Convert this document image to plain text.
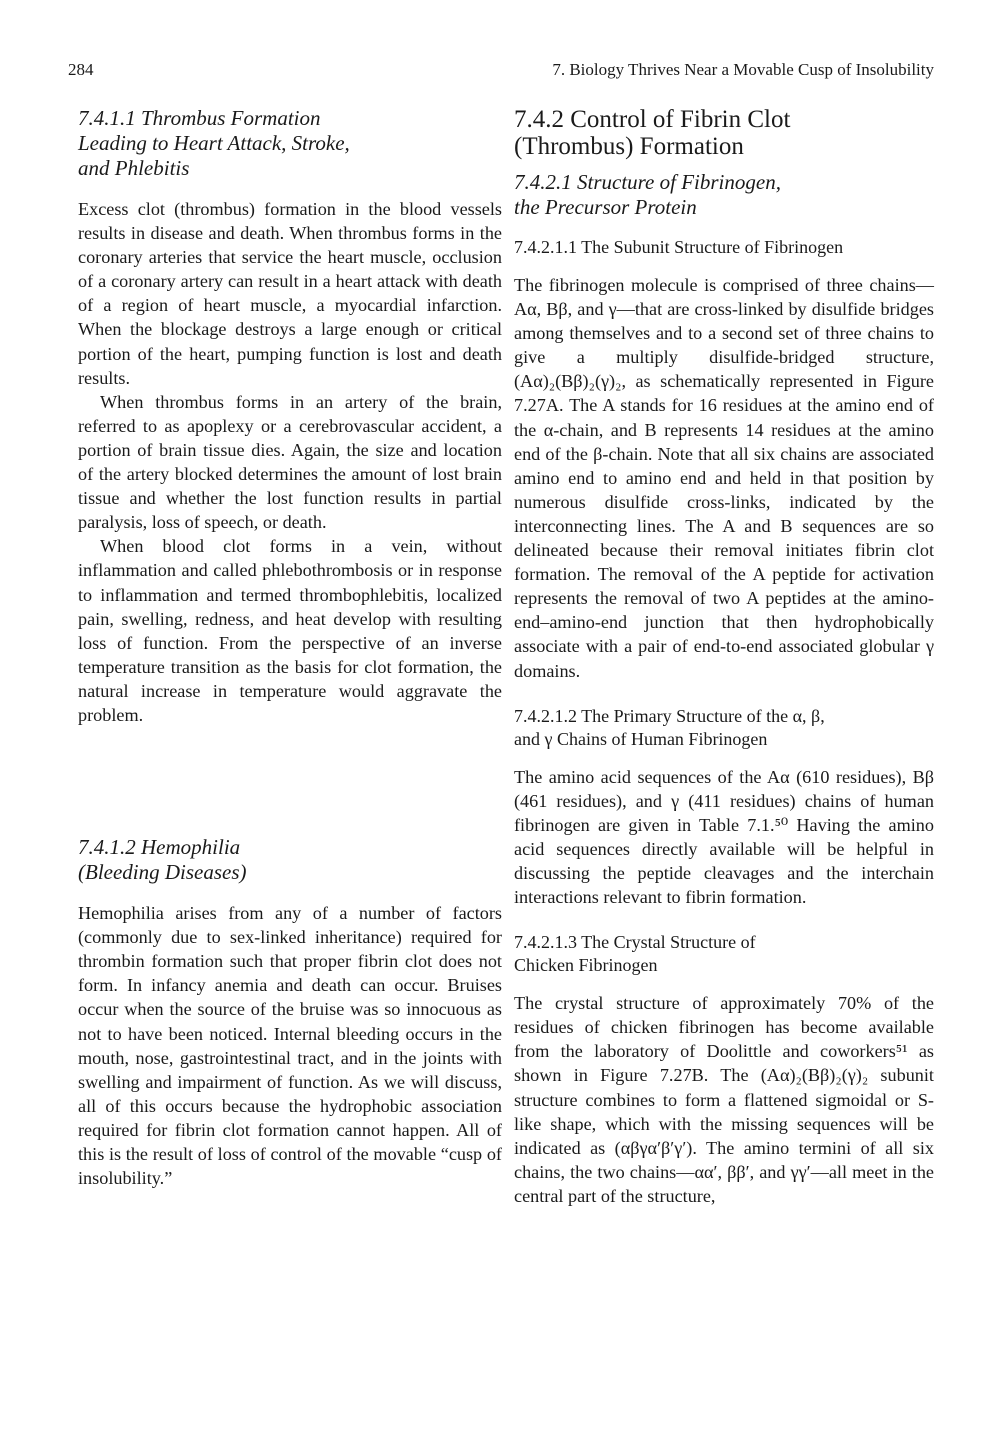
284	7. Biology Thrives Near a Movable Cusp of Insolubility
7.4.1.1 Thrombus Formation
Leading to Heart Attack, Stroke,
and Phlebitis

Excess clot (thrombus) formation in the blood vessels results in disease and death. When thrombus forms in the coronary arteries that service the heart muscle, occlusion of a coronary artery can result in a heart attack with death of a region of heart muscle, a myocardial infarction. When the blockage destroys a large enough or critical portion of the heart, pumping function is lost and death results.

When thrombus forms in an artery of the brain, referred to as apoplexy or a cerebrovascular accident, a portion of brain tissue dies. Again, the size and location of the artery blocked determines the amount of lost brain tissue and whether the lost function results in partial paralysis, loss of speech, or death.

When blood clot forms in a vein, without inflammation and called phlebothrombosis or in response to inflammation and termed thrombophlebitis, localized pain, swelling, redness, and heat develop with resulting loss of function. From the perspective of an inverse temperature transition as the basis for clot formation, the natural increase in temperature would aggravate the problem.

7.4.1.2 Hemophilia
(Bleeding Diseases)

Hemophilia arises from any of a number of factors (commonly due to sex-linked inheritance) required for thrombin formation such that proper fibrin clot does not form. In infancy anemia and death can occur. Bruises occur when the source of the bruise was so innocuous as not to have been noticed. Internal bleeding occurs in the mouth, nose, gastrointestinal tract, and in the joints with swelling and impairment of function. As we will discuss, all of this occurs because the hydrophobic association required for fibrin clot formation cannot happen. All of this is the result of loss of control of the movable “cusp of insolubility.”

7.4.2 Control of Fibrin Clot
(Thrombus) Formation
7.4.2.1 Structure of Fibrinogen,
the Precursor Protein
7.4.2.1.1 The Subunit Structure of Fibrinogen

The fibrinogen molecule is comprised of three chains—Aα, Bβ, and γ—that are cross-linked by disulfide bridges among themselves and to a second set of three chains to give a multiply disulfide-bridged structure, (Aα)₂(Bβ)₂(γ)₂, as schematically represented in Figure 7.27A. The A stands for 16 residues at the amino end of the α-chain, and B represents 14 residues at the amino end of the β-chain. Note that all six chains are associated amino end to amino end and held in that position by numerous disulfide cross-links, indicated by the interconnecting lines. The A and B sequences are so delineated because their removal initiates fibrin clot formation. The removal of the A peptide for activation represents the removal of two A peptides at the amino-end–amino-end junction that then hydrophobically associate with a pair of end-to-end associated globular γ domains.

7.4.2.1.2 The Primary Structure of the α, β,
and γ Chains of Human Fibrinogen

The amino acid sequences of the Aα (610 residues), Bβ (461 residues), and γ (411 residues) chains of human fibrinogen are given in Table 7.1.⁵⁰ Having the amino acid sequences directly available will be helpful in discussing the peptide cleavages and the interchain interactions relevant to fibrin formation.

7.4.2.1.3 The Crystal Structure of
Chicken Fibrinogen

The crystal structure of approximately 70% of the residues of chicken fibrinogen has become available from the laboratory of Doolittle and coworkers⁵¹ as shown in Figure 7.27B. The (Aα)₂(Bβ)₂(γ)₂ subunit structure combines to form a flattened sigmoidal or S-like shape, which with the missing sequences will be indicated as (αβγα′β′γ′). The amino termini of all six chains, the two chains—αα′, ββ′, and γγ′—all meet in the central part of the structure,
